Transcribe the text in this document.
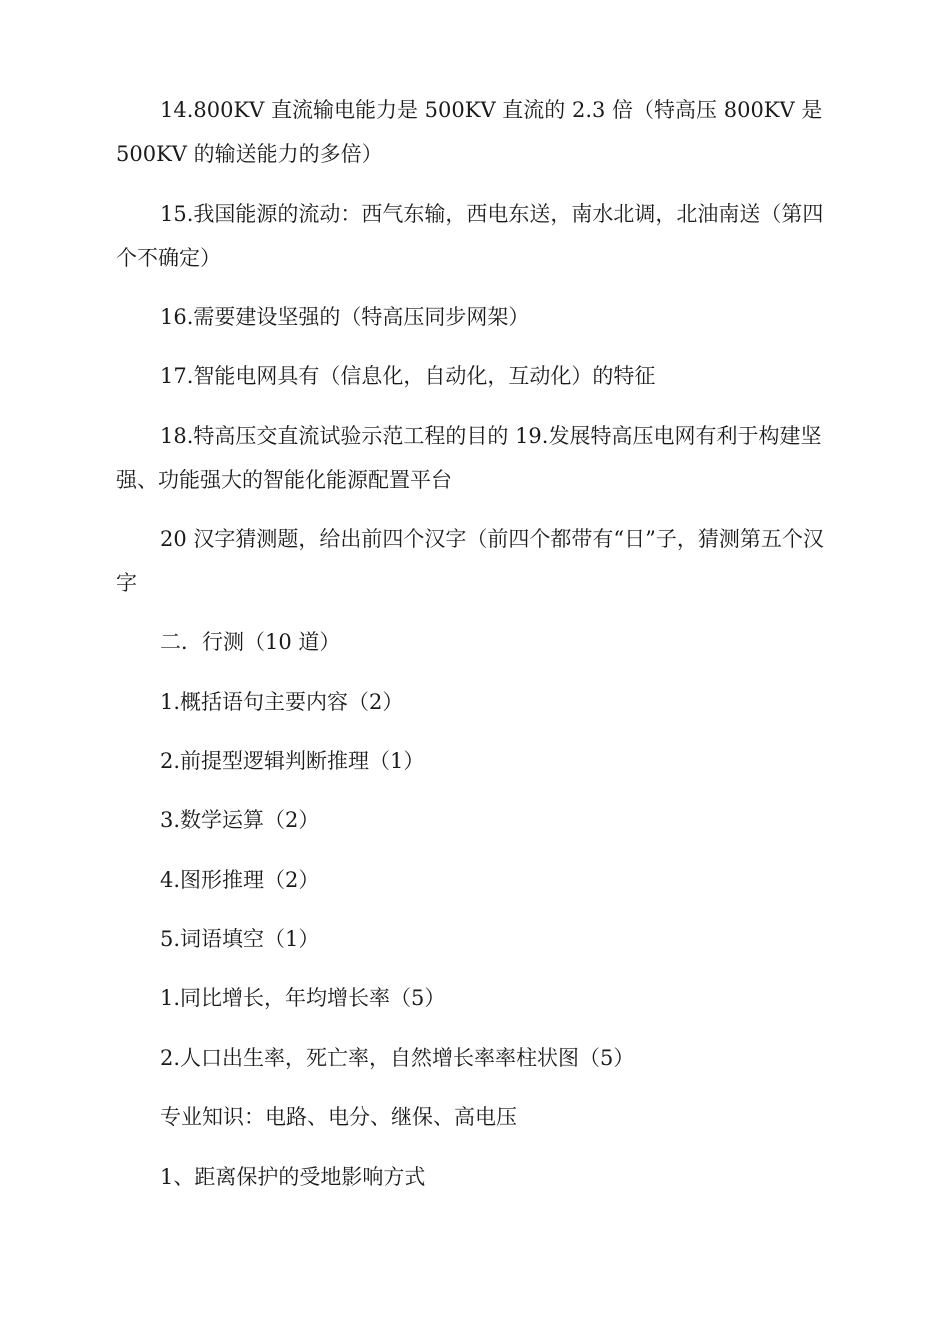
14.800KV 直流输电能力是 500KV 直流的 2.3 倍（特高压 800KV 是 500KV 的输送能力的多倍）

15.我国能源的流动：西气东输，西电东送，南水北调，北油南送（第四个不确定）

16.需要建设坚强的（特高压同步网架）

17.智能电网具有（信息化，自动化，互动化）的特征

18.特高压交直流试验示范工程的目的 19.发展特高压电网有利于构建坚强、功能强大的智能化能源配置平台

20 汉字猜测题，给出前四个汉字（前四个都带有“日”子，猜测第五个汉字

二．行测（10 道）

1.概括语句主要内容（2）

2.前提型逻辑判断推理（1）

3.数学运算（2）

4.图形推理（2）

5.词语填空（1）

1.同比增长，年均增长率（5）

2.人口出生率，死亡率，自然增长率率柱状图（5）

专业知识：电路、电分、继保、高电压

1、距离保护的受地影响方式
